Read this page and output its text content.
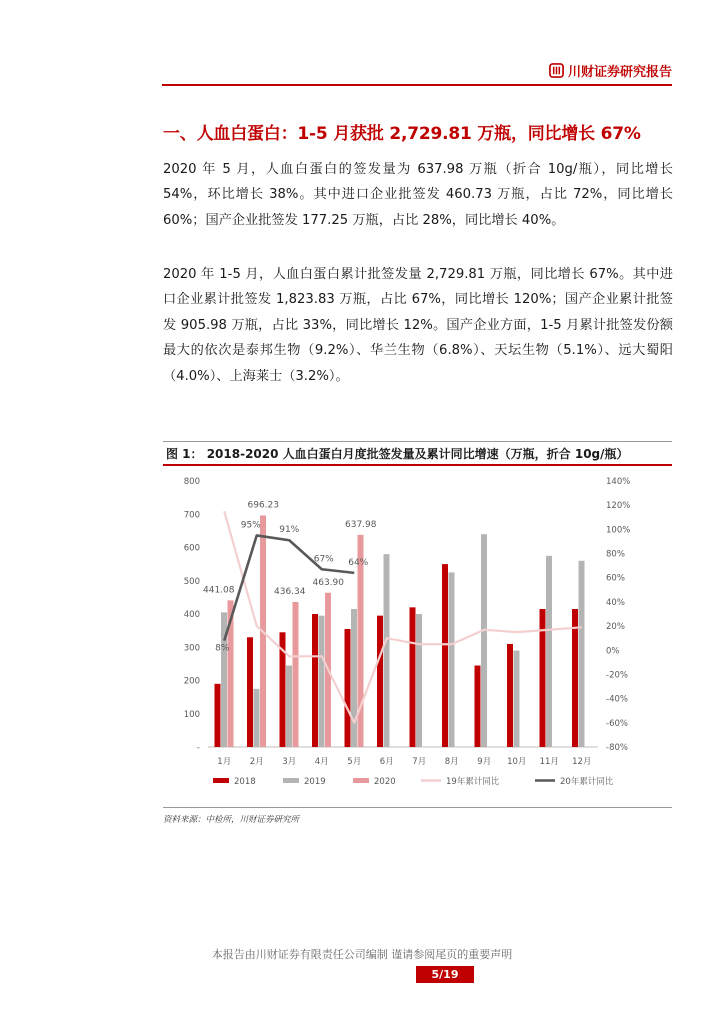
川财证券研究报告
一、人血白蛋白：1-5 月获批 2,729.81 万瓶，同比增长 67%
2020 年 5 月，人血白蛋白的签发量为 637.98 万瓶（折合 10g/瓶），同比增长 54%，环比增长 38%。其中进口企业批签发 460.73 万瓶，占比 72%，同比增长 60%；国产企业批签发 177.25 万瓶，占比 28%，同比增长 40%。
2020 年 1-5 月，人血白蛋白累计批签发量 2,729.81 万瓶，同比增长 67%。其中进口企业累计批签发 1,823.83 万瓶，占比 67%，同比增长 120%；国产企业累计批签发 905.98 万瓶，占比 33%，同比增长 12%。国产企业方面，1-5 月累计批签发份额最大的依次是泰邦生物（9.2%）、华兰生物（6.8%）、天坛生物（5.1%）、远大蜀阳（4.0%）、上海莱士（3.2%）。
图 1： 2018-2020 人血白蛋白月度批签发量及累计同比增速（万瓶，折合 10g/瓶）
-
100
200
300
400
500
600
700
800
-80%
-60%
-40%
-20%
0%
20%
40%
60%
80%
100%
120%
140%
441.08
696.23
436.34
463.90
637.98
8%
95% 91%
67% 64%
1月 2月 3月 4月 5月 6月 7月 8月 9月 10月 11月 12月
2018	2019	2020	19年累计同比	20年累计同比
资料来源：中检所，川财证券研究所
本报告由川财证券有限责任公司编制 谨请参阅尾页的重要声明
5/19
